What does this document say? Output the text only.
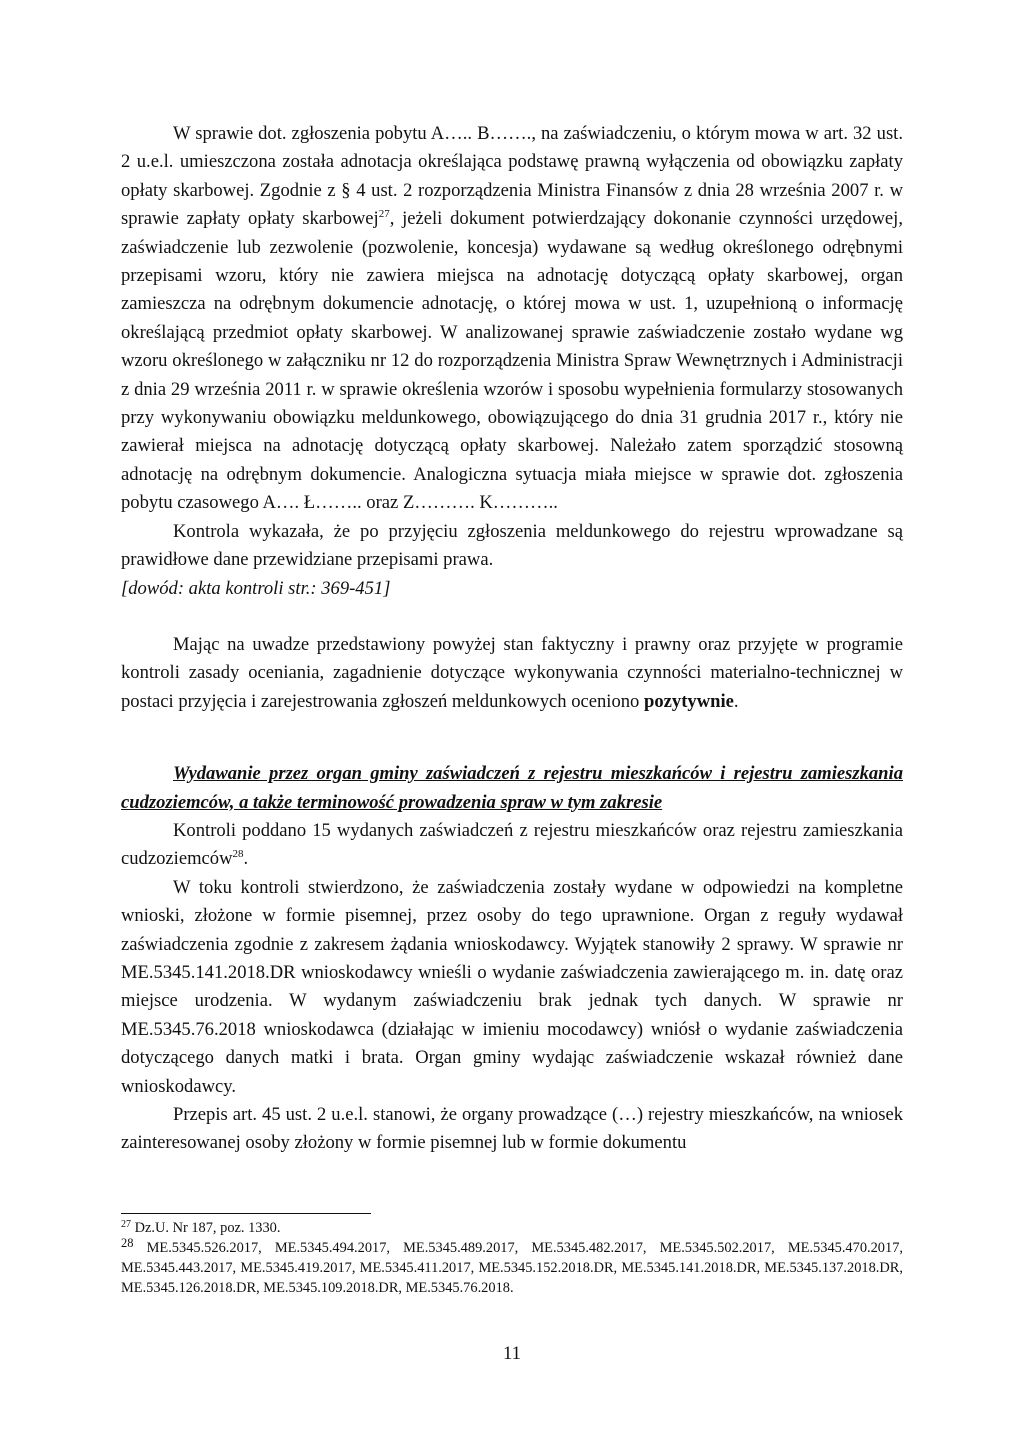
W sprawie dot. zgłoszenia pobytu A….. B……., na zaświadczeniu, o którym mowa w art. 32 ust. 2 u.e.l. umieszczona została adnotacja określająca podstawę prawną wyłączenia od obowiązku zapłaty opłaty skarbowej. Zgodnie z § 4 ust. 2 rozporządzenia Ministra Finansów z dnia 28 września 2007 r. w sprawie zapłaty opłaty skarbowej$^{27}$, jeżeli dokument potwierdzający dokonanie czynności urzędowej, zaświadczenie lub zezwolenie (pozwolenie, koncesja) wydawane są według określonego odrębnymi przepisami wzoru, który nie zawiera miejsca na adnotację dotyczącą opłaty skarbowej, organ zamieszcza na odrębnym dokumencie adnotację, o której mowa w ust. 1, uzupełnioną o informację określającą przedmiot opłaty skarbowej. W analizowanej sprawie zaświadczenie zostało wydane wg wzoru określonego w załączniku nr 12 do rozporządzenia Ministra Spraw Wewnętrznych i Administracji z dnia 29 września 2011 r. w sprawie określenia wzorów i sposobu wypełnienia formularzy stosowanych przy wykonywaniu obowiązku meldunkowego, obowiązującego do dnia 31 grudnia 2017 r., który nie zawierał miejsca na adnotację dotyczącą opłaty skarbowej. Należało zatem sporządzić stosowną adnotację na odrębnym dokumencie. Analogiczna sytuacja miała miejsce w sprawie dot. zgłoszenia pobytu czasowego A…. Ł…….. oraz Z………. K………..

Kontrola wykazała, że po przyjęciu zgłoszenia meldunkowego do rejestru wprowadzane są prawidłowe dane przewidziane przepisami prawa.

[dowód: akta kontroli str.: 369-451]

Mając na uwadze przedstawiony powyżej stan faktyczny i prawny oraz przyjęte w programie kontroli zasady oceniania, zagadnienie dotyczące wykonywania czynności materialno-technicznej w postaci przyjęcia i zarejestrowania zgłoszeń meldunkowych oceniono pozytywnie.

Wydawanie przez organ gminy zaświadczeń z rejestru mieszkańców i rejestru zamieszkania cudzoziemców, a także terminowość prowadzenia spraw w tym zakresie

Kontroli poddano 15 wydanych zaświadczeń z rejestru mieszkańców oraz rejestru zamieszkania cudzoziemców$^{28}$.

W toku kontroli stwierdzono, że zaświadczenia zostały wydane w odpowiedzi na kompletne wnioski, złożone w formie pisemnej, przez osoby do tego uprawnione. Organ z reguły wydawał zaświadczenia zgodnie z zakresem żądania wnioskodawcy. Wyjątek stanowiły 2 sprawy. W sprawie nr ME.5345.141.2018.DR wnioskodawcy wnieśli o wydanie zaświadczenia zawierającego m. in. datę oraz miejsce urodzenia. W wydanym zaświadczeniu brak jednak tych danych. W sprawie nr ME.5345.76.2018 wnioskodawca (działając w imieniu mocodawcy) wniósł o wydanie zaświadczenia dotyczącego danych matki i brata. Organ gminy wydając zaświadczenie wskazał również dane wnioskodawcy.

Przepis art. 45 ust. 2 u.e.l. stanowi, że organy prowadzące (…) rejestry mieszkańców, na wniosek zainteresowanej osoby złożony w formie pisemnej lub w formie dokumentu

$^{27}$ Dz.U. Nr 187, poz. 1330.

28 ME.5345.526.2017, ME.5345.494.2017, ME.5345.489.2017, ME.5345.482.2017, ME.5345.502.2017, ME.5345.470.2017, ME.5345.443.2017, ME.5345.419.2017, ME.5345.411.2017, ME.5345.152.2018.DR, ME.5345.141.2018.DR, ME.5345.137.2018.DR, ME.5345.126.2018.DR, ME.5345.109.2018.DR, ME.5345.76.2018.

11
